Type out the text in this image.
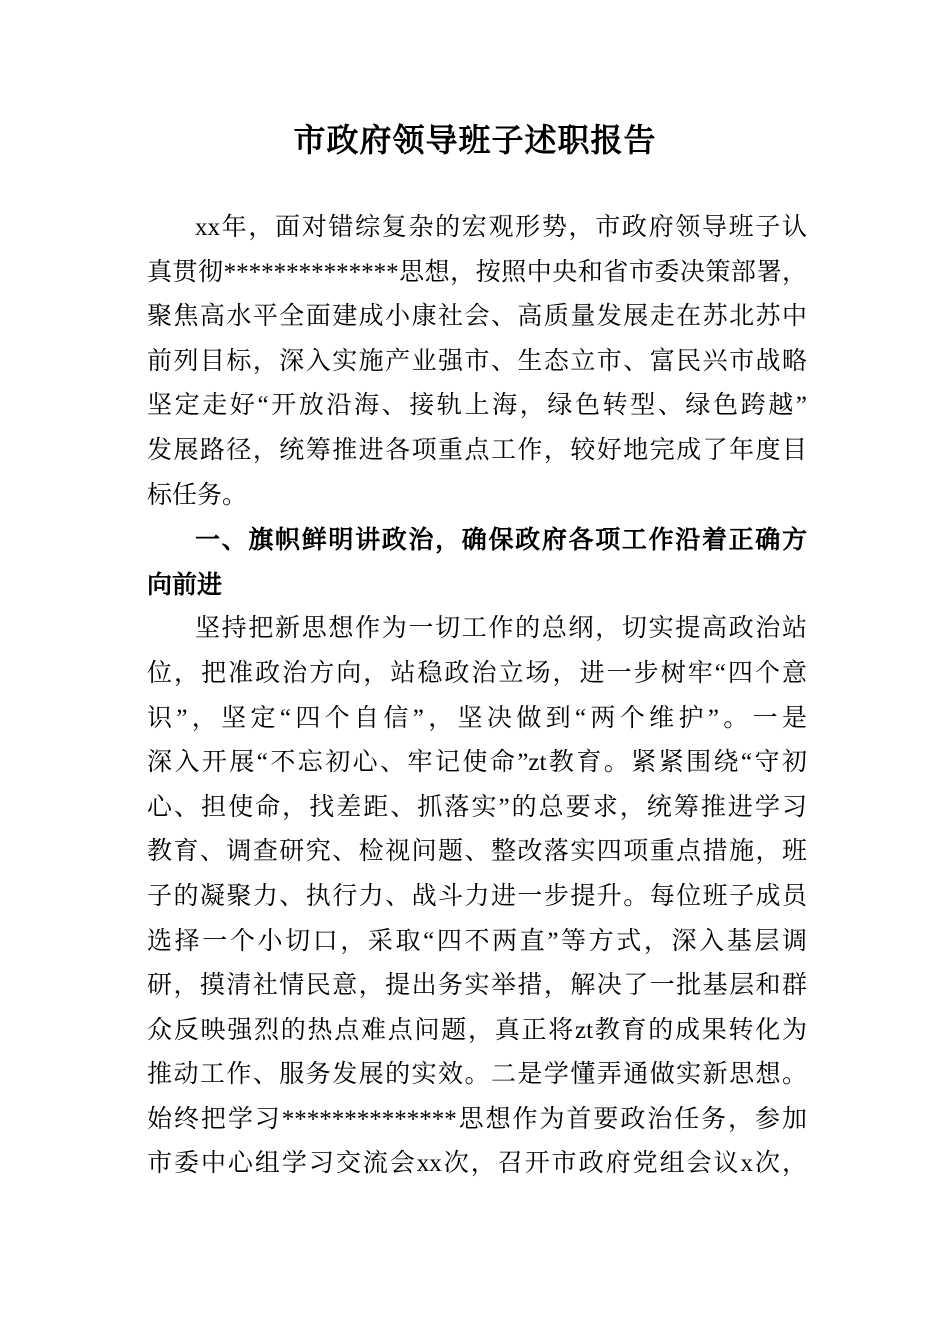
市政府领导班子述职报告
xx年，面对错综复杂的宏观形势，市政府领导班子认
真贯彻**************思想，按照中央和省市委决策部署，
聚焦高水平全面建成小康社会、高质量发展走在苏北苏中
前列目标，深入实施产业强市、生态立市、富民兴市战略
坚定走好“开放沿海、接轨上海，绿色转型、绿色跨越”
发展路径，统筹推进各项重点工作，较好地完成了年度目
标任务。
一、旗帜鲜明讲政治，确保政府各项工作沿着正确方
向前进
坚持把新思想作为一切工作的总纲，切实提高政治站
位，把准政治方向，站稳政治立场，进一步树牢“四个意
识”，坚定“四个自信”，坚决做到“两个维护”。一是
深入开展“不忘初心、牢记使命”zt教育。紧紧围绕“守初
心、担使命，找差距、抓落实”的总要求，统筹推进学习
教育、调查研究、检视问题、整改落实四项重点措施，班
子的凝聚力、执行力、战斗力进一步提升。每位班子成员
选择一个小切口，采取“四不两直”等方式，深入基层调
研，摸清社情民意，提出务实举措，解决了一批基层和群
众反映强烈的热点难点问题，真正将zt教育的成果转化为
推动工作、服务发展的实效。二是学懂弄通做实新思想。
始终把学习**************思想作为首要政治任务，参加
市委中心组学习交流会xx次，召开市政府党组会议x次，
